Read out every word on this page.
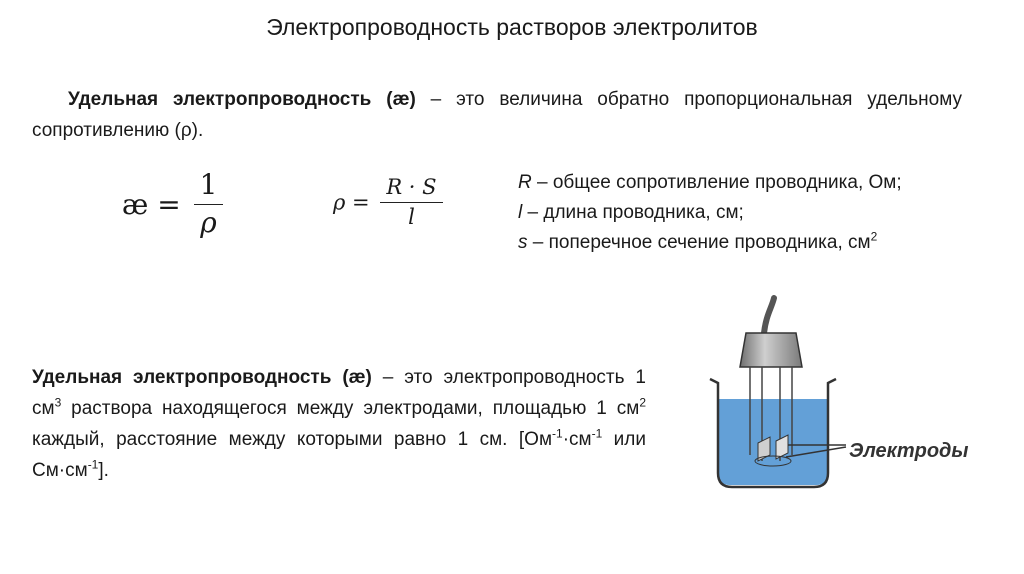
Электропроводность растворов электролитов
Удельная электропроводность (æ) – это величина обратно пропорциональная удельному сопротивлению (ρ).
æ = $\frac{1}{\rho}$	$\rho = \frac{R \cdot S}{l}$	R – общее сопротивление проводника, Ом;
l – длина проводника, см;
s – поперечное сечение проводника, $см^2$
Удельная электропроводность (æ) – это электропроводность 1 $см^3$ раствора находящегося между электродами, площадью 1 $см^2$ каждый, расстояние между которыми равно 1 см. [$Ом^{-1}\cdot см^{-1}$ или $См\cdot см^{-1}$].
Электроды
